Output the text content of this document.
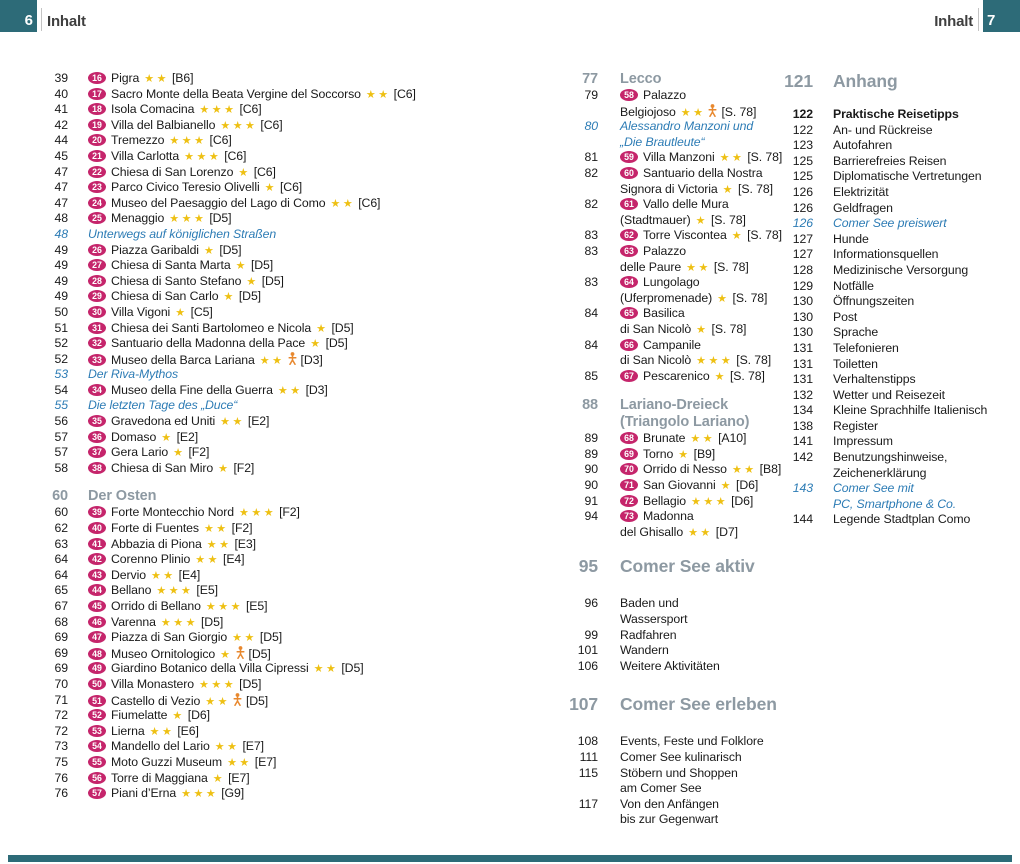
6 Inhalt	Inhalt 7
39	16 Pigra ★★ [B6]
40	17 Sacro Monte della Beata Vergine del Soccorso ★★ [C6]
41	18 Isola Comacina ★★★ [C6]
42	19 Villa del Balbianello ★★★ [C6]
44	20 Tremezzo ★★★ [C6]
45	21 Villa Carlotta ★★★ [C6]
47	22 Chiesa di San Lorenzo ★ [C6]
47	23 Parco Civico Teresio Olivelli ★ [C6]
47	24 Museo del Paesaggio del Lago di Como ★★ [C6]
48	25 Menaggio ★★★ [D5]
48 Unterwegs auf königlichen Straßen
49	26 Piazza Garibaldi ★ [D5]
49	27 Chiesa di Santa Marta ★ [D5]
49	28 Chiesa di Santo Stefano ★ [D5]
49	29 Chiesa di San Carlo ★ [D5]
50	30 Villa Vigoni ★ [C5]
51	31 Chiesa dei Santi Bartolomeo e Nicola ★ [D5]
52	32 Santuario della Madonna della Pace ★ [D5]
52	33 Museo della Barca Lariana ★★ [D3]
53 Der Riva-Mythos
54	34 Museo della Fine della Guerra ★★ [D3]
55 Die letzten Tage des „Duce“
56	35 Gravedona ed Uniti ★★ [E2]
57	36 Domaso ★ [E2]
57	37 Gera Lario ★ [F2]
58	38 Chiesa di San Miro ★ [F2]
60 Der Osten
60	39 Forte Montecchio Nord ★★★ [F2]
62	40 Forte di Fuentes ★★ [F2]
63	41 Abbazia di Piona ★★ [E3]
64	42 Corenno Plinio ★★ [E4]
64	43 Dervio ★★ [E4]
65	44 Bellano ★★★ [E5]
67	45 Orrido di Bellano ★★★ [E5]
68	46 Varenna ★★★ [D5]
69	47 Piazza di San Giorgio ★★ [D5]
69	48 Museo Ornitologico ★ [D5]
69	49 Giardino Botanico della Villa Cipressi ★★ [D5]
70	50 Villa Monastero ★★★ [D5]
71	51 Castello di Vezio ★★ [D5]
72	52 Fiumelatte ★ [D6]
72	53 Lierna ★★ [E6]
73	54 Mandello del Lario ★★ [E7]
75	55 Moto Guzzi Museum ★★ [E7]
76	56 Torre di Maggiana ★ [E7]
76	57 Piani d’Erna ★★★ [G9]
77 Lecco
79	58 Palazzo
Belgiojoso ★★ [S. 78]
80 Alessandro Manzoni und
„Die Brautleute“
81	59 Villa Manzoni ★★ [S. 78]
82	60 Santuario della Nostra
Signora di Victoria ★ [S. 78]
82	61 Vallo delle Mura
(Stadtmauer) ★ [S. 78]
83	62 Torre Viscontea ★ [S. 78]
83	63 Palazzo
delle Paure ★★ [S. 78]
83	64 Lungolago
(Uferpromenade) ★ [S. 78]
84	65 Basilica
di San Nicolò ★ [S. 78]
84	66 Campanile
di San Nicolò ★★★ [S. 78]
85	67 Pescarenico ★ [S. 78]
88 Lariano-Dreieck
(Triangolo Lariano)
89	68 Brunate ★★ [A10]
89	69 Torno ★ [B9]
90	70 Orrido di Nesso ★★ [B8]
90	71 San Giovanni ★ [D6]
91	72 Bellagio ★★★ [D6]
94	73 Madonna
del Ghisallo ★★ [D7]
95 Comer See aktiv
96 Baden und
Wassersport
99 Radfahren
101 Wandern
106 Weitere Aktivitäten
107 Comer See erleben
108 Events, Feste und Folklore
111 Comer See kulinarisch
115 Stöbern und Shoppen
am Comer See
117 Von den Anfängen
bis zur Gegenwart
121 Anhang
122 Praktische Reisetipps
122 An- und Rückreise
123 Autofahren
125 Barrierefreies Reisen
125 Diplomatische Vertretungen
126 Elektrizität
126 Geldfragen
126 Comer See preiswert
127 Hunde
127 Informationsquellen
128 Medizinische Versorgung
129 Notfälle
130 Öffnungszeiten
130 Post
130 Sprache
131 Telefonieren
131 Toiletten
131 Verhaltenstipps
132 Wetter und Reisezeit
134 Kleine Sprachhilfe Italienisch
138 Register
141 Impressum
142 Benutzungshinweise,
Zeichenerklärung
143 Comer See mit
PC, Smartphone & Co.
144 Legende Stadtplan Como
